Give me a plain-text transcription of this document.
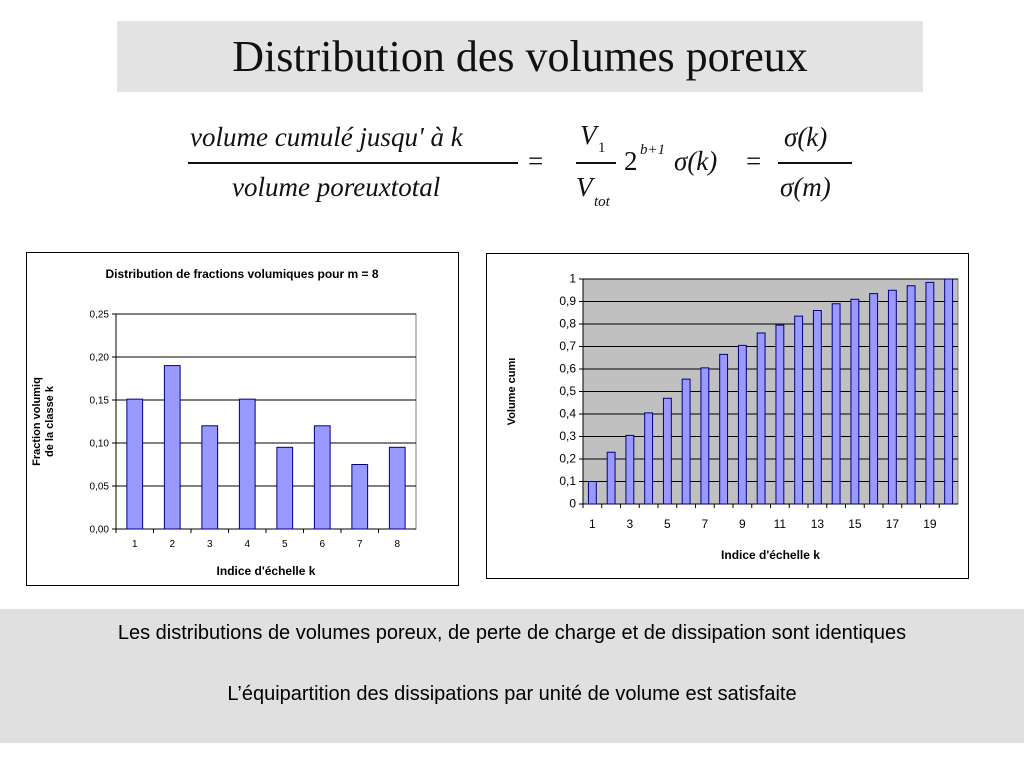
Distribution des volumes poreux
volume cumulé jusqu' à k
volume poreuxtotal
=
V 1
V tot
2 b+1 σ(k) =
σ(k)
σ(m)
0,00
0,05
0,10
0,15
0,20
0,25
1	2	3	4	5	6	7	8
Distribution de fractions volumiques pour m = 8
Indice d'échelle k
Fraction volumiq de la classe k
0
0,1
0,2
0,3
0,4
0,5
0,6
0,7
0,8
0,9
1
1	3	5	7	9 11 13 15 17 19
Indice d'échelle k
Volume cumı

Les distributions de volumes poreux, de perte de charge et de dissipation sont identiques

L’équipartition des dissipations par unité de volume est satisfaite
